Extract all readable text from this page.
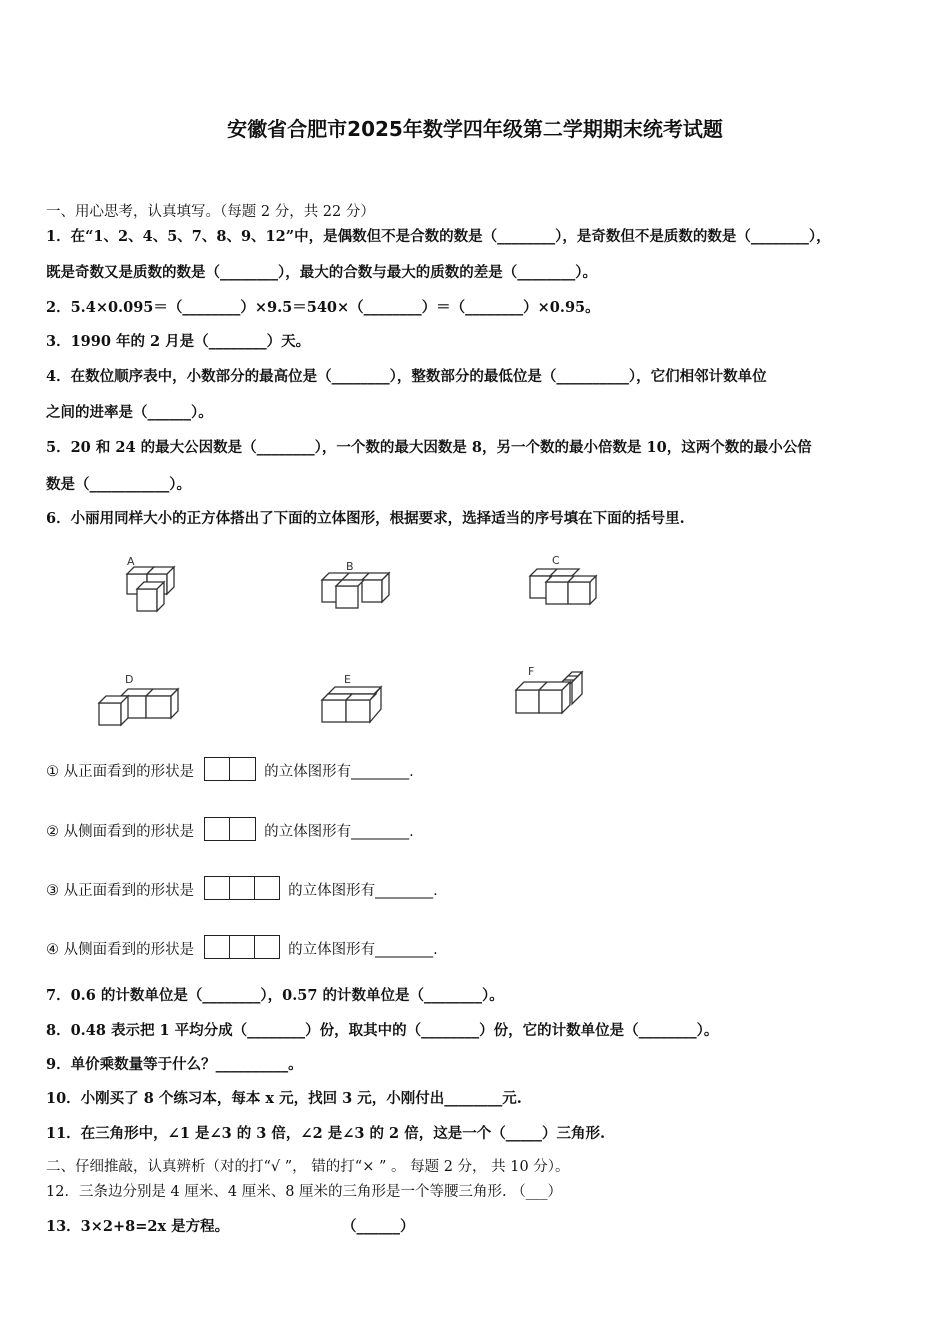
安徽省合肥市2025年数学四年级第二学期期末统考试题
一、用心思考，认真填写。（每题 2 分，共 22 分）
1．在“1、2、4、5、7、8、9、12”中，是偶数但不是合数的数是（________），是奇数但不是质数的数是（________），
既是奇数又是质数的数是（________），最大的合数与最大的质数的差是（________）。
2．5.4×0.095＝（________）×9.5＝540×（________）＝（________）×0.95。
3．1990 年的 2 月是（________）天。
4．在数位顺序表中，小数部分的最高位是（________），整数部分的最低位是（__________），它们相邻计数单位
之间的进率是（______）。
5．20 和 24 的最大公因数是（________），一个数的最大因数是 8，另一个数的最小倍数是 10，这两个数的最小公倍
数是（___________）。
6．小丽用同样大小的正方体搭出了下面的立体图形，根据要求，选择适当的序号填在下面的括号里.
A	B	C
D	E
F
① 从正面看到的形状是	的立体图形有________.
② 从侧面看到的形状是	的立体图形有________.
③ 从正面看到的形状是	的立体图形有________.
④ 从侧面看到的形状是	的立体图形有________.
7．0.6 的计数单位是（________），0.57 的计数单位是（________）。
8．0.48 表示把 1 平均分成（________）份，取其中的（________）份，它的计数单位是（________）。
9．单价乘数量等于什么？__________。
10．小刚买了 8 个练习本，每本 x 元，找回 3 元，小刚付出________元.
11．在三角形中，∠1 是∠3 的 3 倍，∠2 是∠3 的 2 倍，这是一个（_____）三角形.
二、仔细推敲，认真辨析（对的打“√ ”， 错的打“× ” 。 每题 2 分， 共 10 分）。
12．三条边分别是 4 厘米、4 厘米、8 厘米的三角形是一个等腰三角形. （___）
13．3×2+8=2x 是方程。	（______）
